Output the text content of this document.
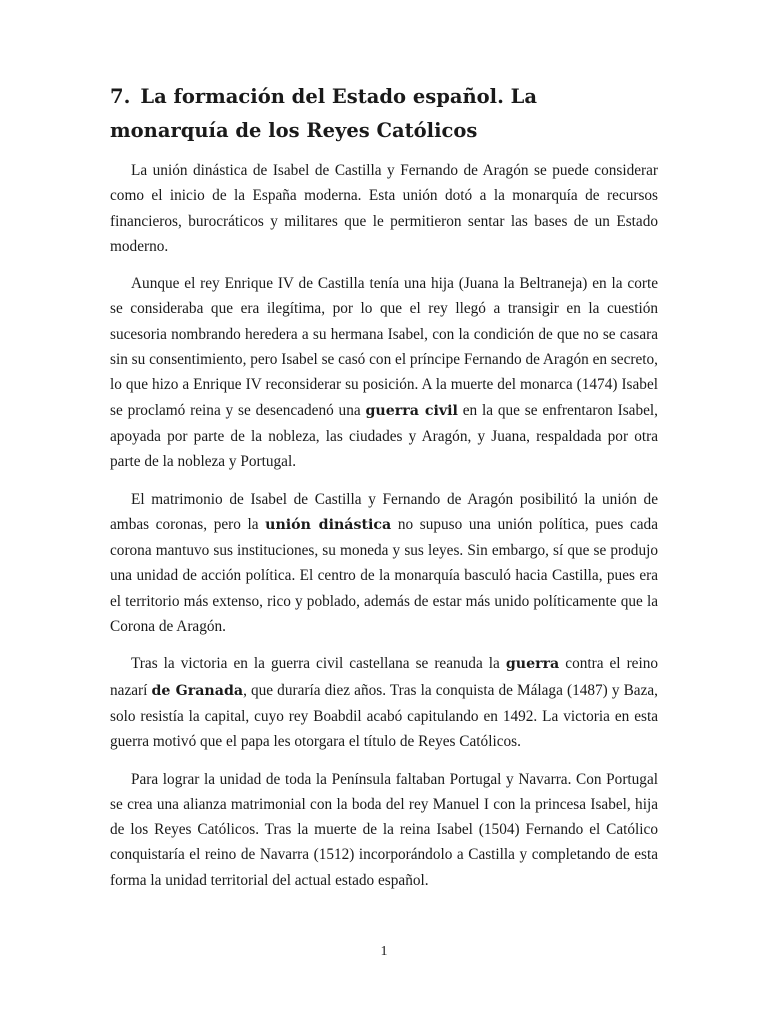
7. La formación del Estado español. La monarquía de los Reyes Católicos

La unión dinástica de Isabel de Castilla y Fernando de Aragón se puede considerar como el inicio de la España moderna. Esta unión dotó a la monarquía de recursos financieros, burocráticos y militares que le permitieron sentar las bases de un Estado moderno.

Aunque el rey Enrique IV de Castilla tenía una hija (Juana la Beltraneja) en la corte se consideraba que era ilegítima, por lo que el rey llegó a transigir en la cuestión sucesoria nombrando heredera a su hermana Isabel, con la condición de que no se casara sin su consentimiento, pero Isabel se casó con el príncipe Fernando de Aragón en secreto, lo que hizo a Enrique IV reconsiderar su posición. A la muerte del monarca (1474) Isabel se proclamó reina y se desencadenó una guerra civil en la que se enfrentaron Isabel, apoyada por parte de la nobleza, las ciudades y Aragón, y Juana, respaldada por otra parte de la nobleza y Portugal.

El matrimonio de Isabel de Castilla y Fernando de Aragón posibilitó la unión de ambas coronas, pero la unión dinástica no supuso una unión política, pues cada corona mantuvo sus instituciones, su moneda y sus leyes. Sin embargo, sí que se produjo una unidad de acción política. El centro de la monarquía basculó hacia Castilla, pues era el territorio más extenso, rico y poblado, además de estar más unido políticamente que la Corona de Aragón.

Tras la victoria en la guerra civil castellana se reanuda la guerra contra el reino nazarí de Granada, que duraría diez años. Tras la conquista de Málaga (1487) y Baza, solo resistía la capital, cuyo rey Boabdil acabó capitulando en 1492. La victoria en esta guerra motivó que el papa les otorgara el título de Reyes Católicos.

Para lograr la unidad de toda la Península faltaban Portugal y Navarra. Con Portugal se crea una alianza matrimonial con la boda del rey Manuel I con la princesa Isabel, hija de los Reyes Católicos. Tras la muerte de la reina Isabel (1504) Fernando el Católico conquistaría el reino de Navarra (1512) incorporándolo a Castilla y completando de esta forma la unidad territorial del actual estado español.

1
